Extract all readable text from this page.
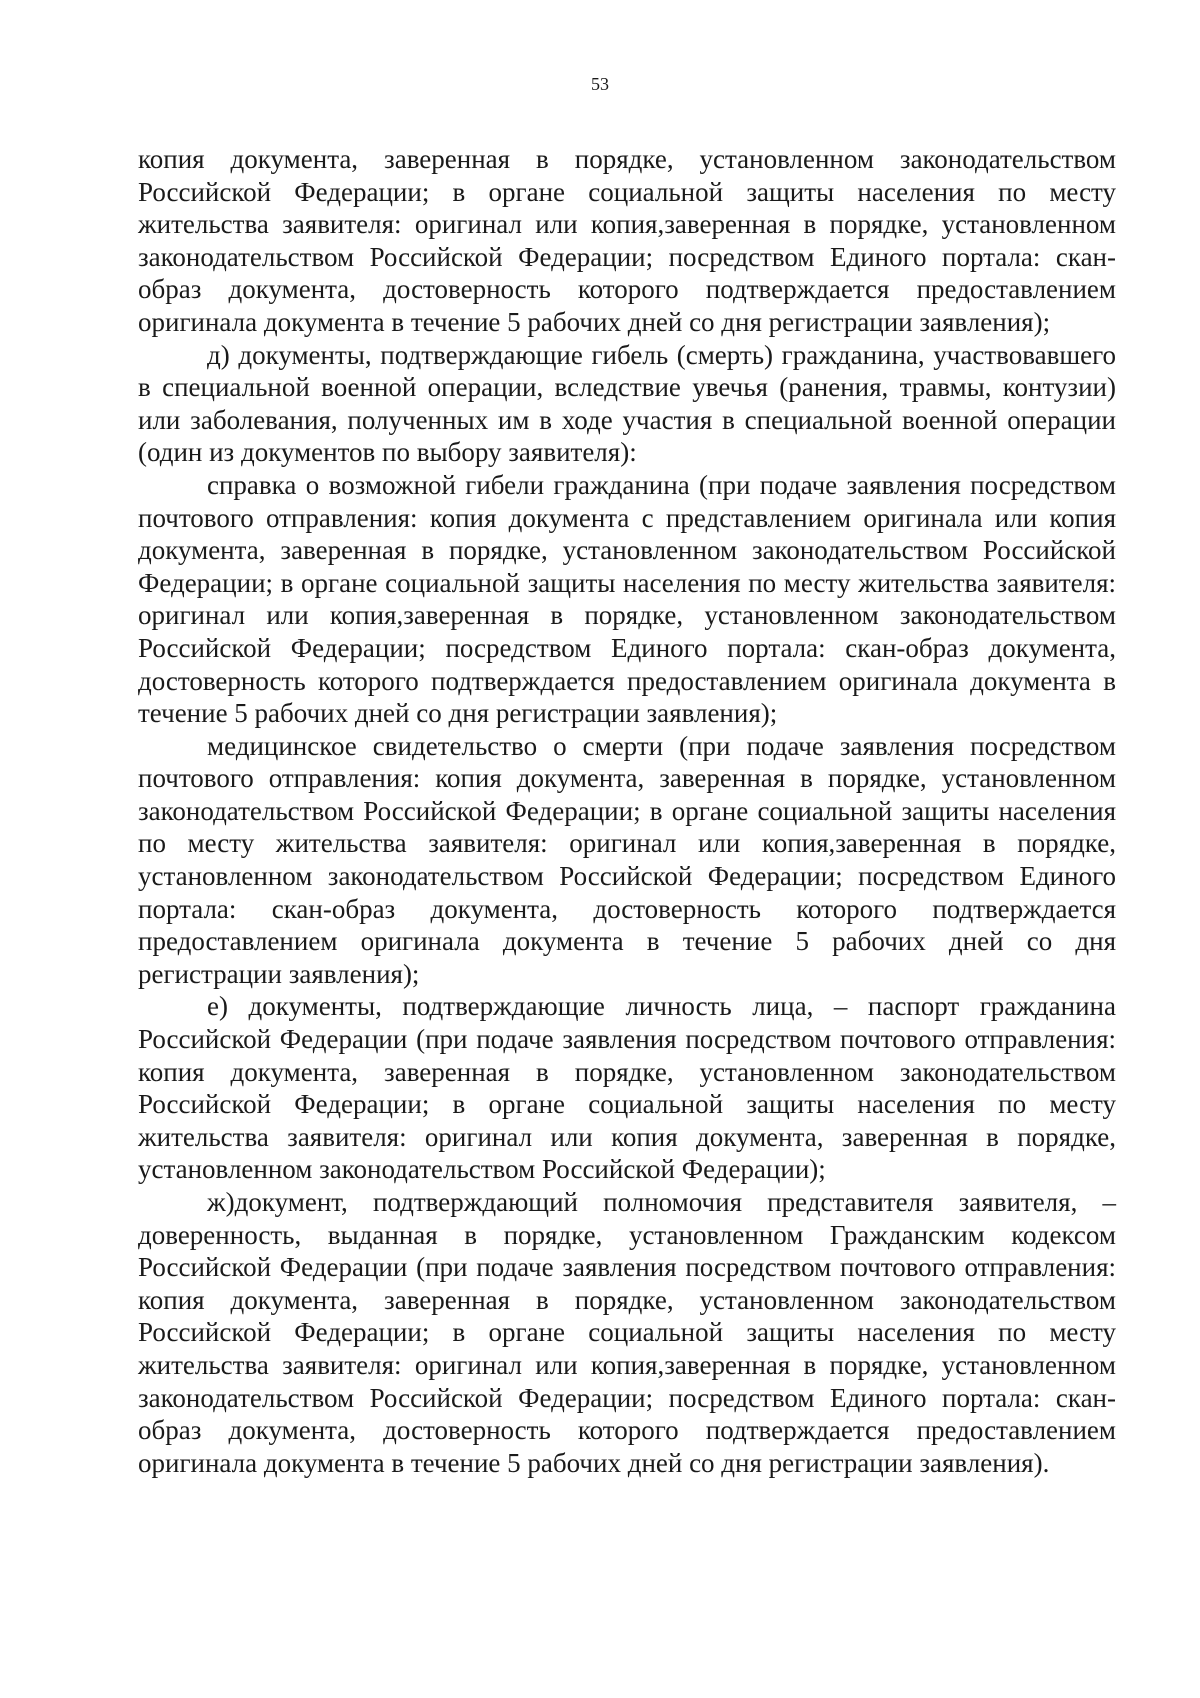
53

копия документа, заверенная в порядке, установленном законодательством Российской Федерации; в органе социальной защиты населения по месту жительства заявителя: оригинал или копия,заверенная в порядке, установленном законодательством Российской Федерации; посредством Единого портала: скан-образ документа, достоверность которого подтверждается предоставлением оригинала документа в течение 5 рабочих дней со дня регистрации заявления);

д) документы, подтверждающие гибель (смерть) гражданина, участвовавшего в специальной военной операции, вследствие увечья (ранения, травмы, контузии) или заболевания, полученных им в ходе участия в специальной военной операции (один из документов по выбору заявителя):

справка о возможной гибели гражданина (при подаче заявления посредством почтового отправления: копия документа с представлением оригинала или копия документа, заверенная в порядке, установленном законодательством Российской Федерации; в органе социальной защиты населения по месту жительства заявителя: оригинал или копия,заверенная в порядке, установленном законодательством Российской Федерации; посредством Единого портала: скан-образ документа, достоверность которого подтверждается предоставлением оригинала документа в течение 5 рабочих дней со дня регистрации заявления);

медицинское свидетельство о смерти (при подаче заявления посредством почтового отправления: копия документа, заверенная в порядке, установленном законодательством Российской Федерации; в органе социальной защиты населения по месту жительства заявителя: оригинал или копия,заверенная в порядке, установленном законодательством Российской Федерации; посредством Единого портала: скан-образ документа, достоверность которого подтверждается предоставлением оригинала документа в течение 5 рабочих дней со дня регистрации заявления);

е) документы, подтверждающие личность лица, – паспорт гражданина Российской Федерации (при подаче заявления посредством почтового отправления: копия документа, заверенная в порядке, установленном законодательством Российской Федерации; в органе социальной защиты населения по месту жительства заявителя: оригинал или копия документа, заверенная в порядке, установленном законодательством Российской Федерации);

ж)документ, подтверждающий полномочия представителя заявителя, – доверенность, выданная в порядке, установленном Гражданским кодексом Российской Федерации (при подаче заявления посредством почтового отправления: копия документа, заверенная в порядке, установленном законодательством Российской Федерации; в органе социальной защиты населения по месту жительства заявителя: оригинал или копия,заверенная в порядке, установленном законодательством Российской Федерации; посредством Единого портала: скан-образ документа, достоверность которого подтверждается предоставлением оригинала документа в течение 5 рабочих дней со дня регистрации заявления).
